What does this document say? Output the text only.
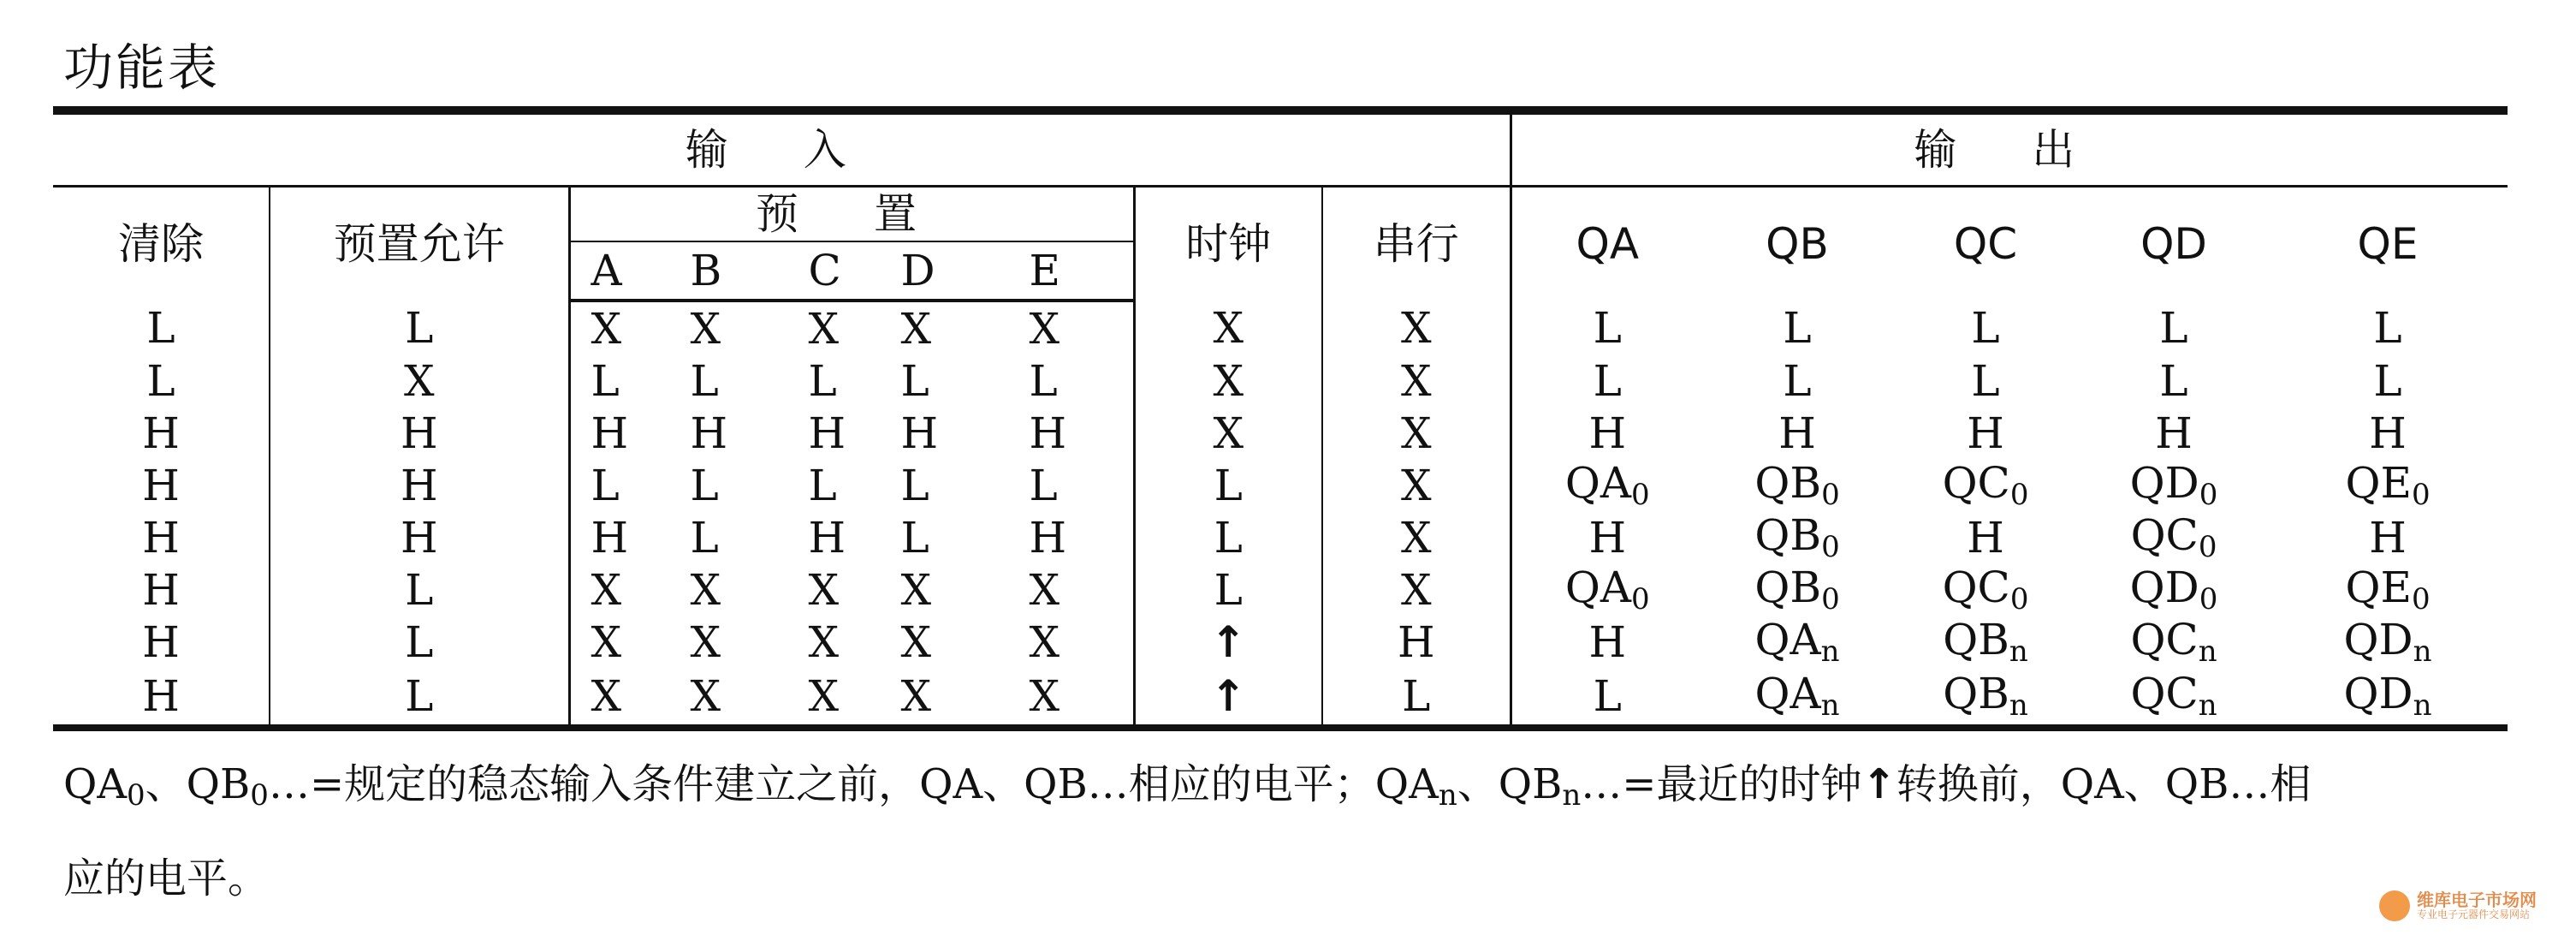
功能表
输 入					输 出				
清除	预置允许	预 置	时钟	串行	QA	QB	QC	QD	QE

		A B C D E							

L	L	X X X X X	X	X	L	L	L	L	L
L	X	L L L L L	X	X	L	L	L	L	L
H	H	H H H H H	X	X	H	H	H	H	H
H	H	L L L L L	L	X	$QA_0$	$QB_0$	$QC_0$	$QD_0$	$QE_0$
H	H	H L H L H	L	X	H	$QB_0$	H	$QC_0$	H
H	L	X X X X X	L	X	$QA_0$	$QB_0$	$QC_0$	$QD_0$	$QE_0$
H	L	X X X X X	↑	H	H	$QA_n$	$QB_n$	$QC_n$	$QD_n$
H	L	X X X X X	↑	L	L	$QA_n$	$QB_n$	$QC_n$	$QD_n$
$QA_0$、$QB_0\dots=$规定的稳态输入条件建立之前，QA、QB…相应的电平；$QA_n$、$QB_n\dots=$最近的时钟↑转换前，QA、QB…相
应的电平。	维库电子市场网
专业电子元器件交易网站
